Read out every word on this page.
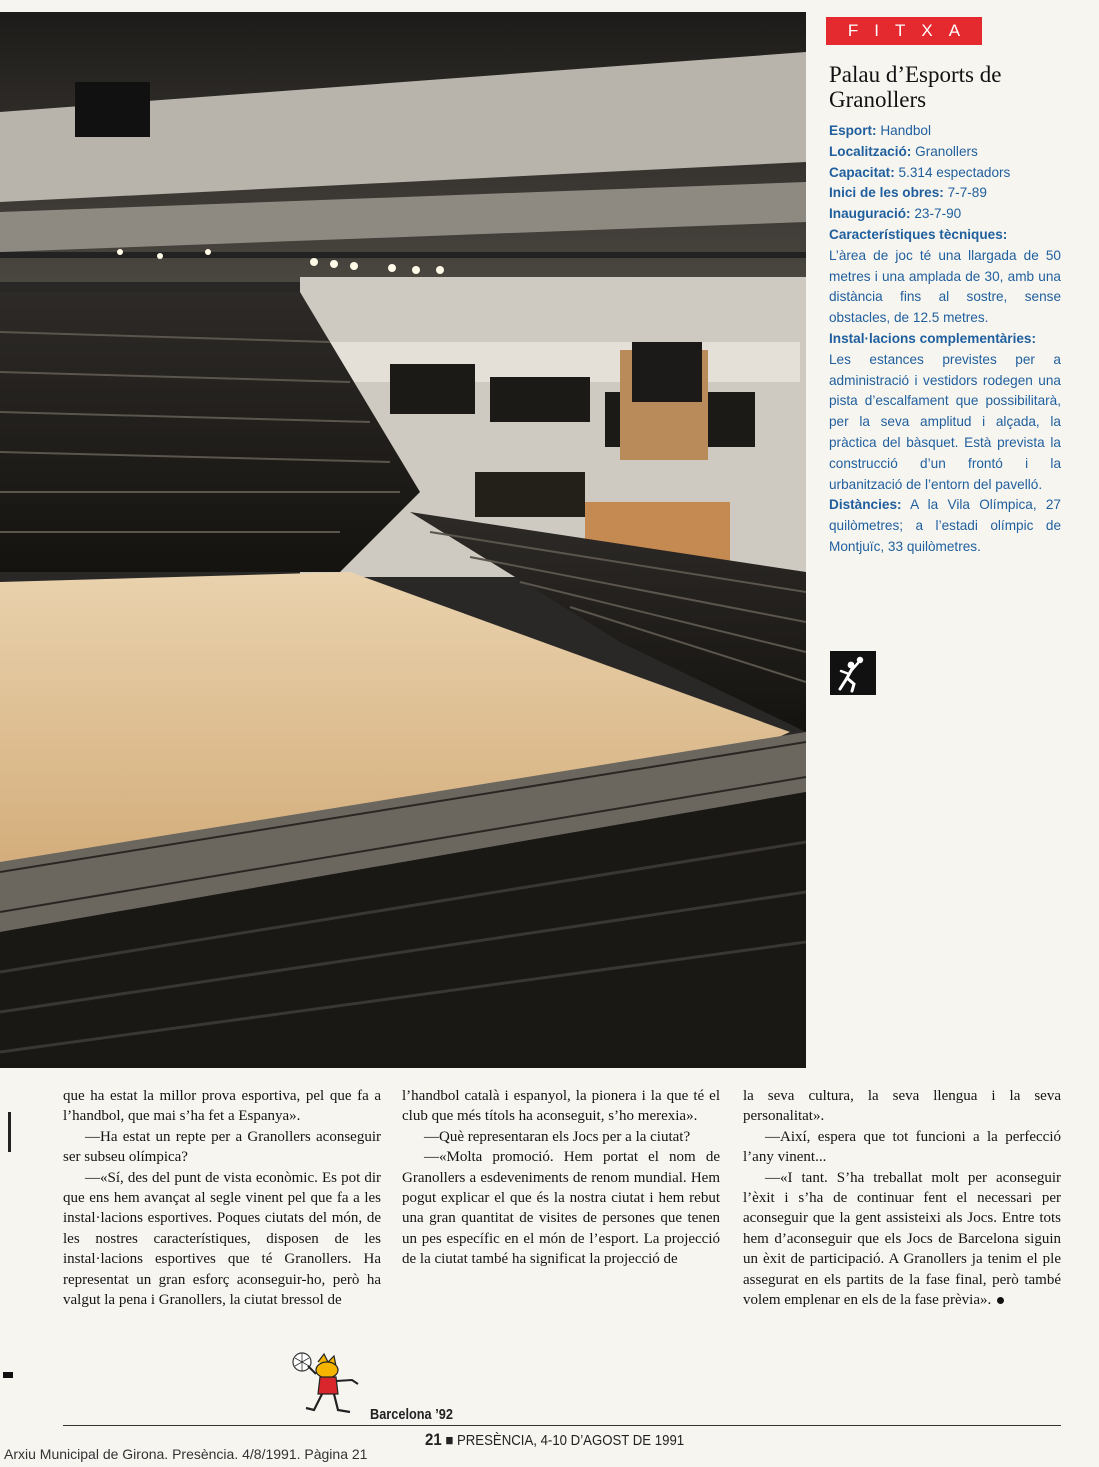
FITXA
Palau d’Esports de Granollers
Esport: Handbol
Localització: Granollers
Capacitat: 5.314 espectadors
Inici de les obres: 7-7-89
Inauguració: 23-7-90
Característiques tècniques:
L’àrea de joc té una llargada de 50 metres i una amplada de 30, amb una distància fins al sostre, sense obstacles, de 12.5 metres.
Instal·lacions complementàries:
Les estances previstes per a administració i vestidors rodegen una pista d’escalfament que possibilitarà, per la seva amplitud i alçada, la pràctica del bàsquet. Està prevista la construcció d’un frontó i la urbanització de l’entorn del pavelló.
Distàncies: A la Vila Olímpica, 27 quilòmetres; a l’estadi olímpic de Montjuïc, 33 quilòmetres.

que ha estat la millor prova esportiva, pel que fa a l’handbol, que mai s’ha fet a Espanya».

—Ha estat un repte per a Granollers aconseguir ser subseu olímpica?

—«Sí, des del punt de vista econòmic. Es pot dir que ens hem avançat al segle vinent pel que fa a les instal·lacions esportives. Poques ciutats del món, de les nostres característiques, disposen de les instal·lacions esportives que té Granollers. Ha representat un gran esforç aconseguir-ho, però ha valgut la pena i Granollers, la ciutat bressol de

l’handbol català i espanyol, la pionera i la que té el club que més títols ha aconseguit, s’ho merexia».

—Què representaran els Jocs per a la ciutat?

—«Molta promoció. Hem portat el nom de Granollers a esdeveniments de renom mundial. Hem pogut explicar el que és la nostra ciutat i hem rebut una gran quantitat de visites de persones que tenen un pes específic en el món de l’esport. La projecció de la ciutat també ha significat la projecció de

la seva cultura, la seva llengua i la seva personalitat».

—Així, espera que tot funcioni a la perfecció l’any vinent...

—«I tant. S’ha treballat molt per aconseguir l’èxit i s’ha de continuar fent el necessari per aconseguir que la gent assisteixi als Jocs. Entre tots hem d’aconseguir que els Jocs de Barcelona siguin un èxit de participació. A Granollers ja tenim el ple assegurat en els partits de la fase final, però també volem emplenar en els de la fase prèvia».

Barcelona ’92
21 ■ PRESÈNCIA, 4-10 D’AGOST DE 1991
Arxiu Municipal de Girona. Presència. 4/8/1991. Pàgina 21
